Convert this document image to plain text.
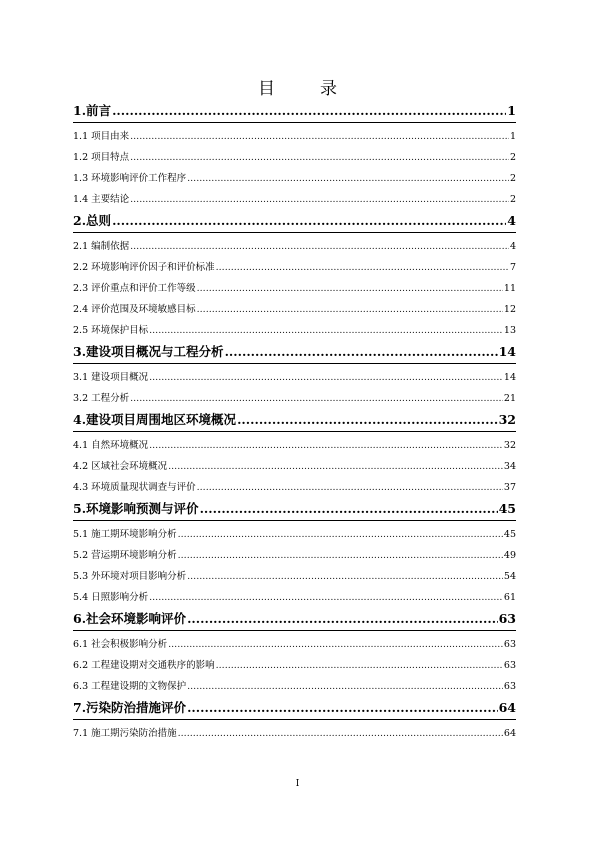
目　录
1.前言 .....	1
1.1 项目由来 .....	1
1.2 项目特点 .....	2
1.3 环境影响评价工作程序 .....	2
1.4 主要结论 .....	2
2.总则 .....	4
2.1 编制依据 .....	4
2.2 环境影响评价因子和评价标准 .....	7
2.3 评价重点和评价工作等级 .....	11
2.4 评价范围及环境敏感目标 .....	12
2.5 环境保护目标 .....	13
3.建设项目概况与工程分析 .....	14
3.1 建设项目概况 .....	14
3.2 工程分析 .....	21
4.建设项目周围地区环境概况 .....	32
4.1 自然环境概况 .....	32
4.2 区域社会环境概况 .....	34
4.3 环境质量现状调查与评价 .....	37
5.环境影响预测与评价 .....	45
5.1 施工期环境影响分析 .....	45
5.2 营运期环境影响分析 .....	49
5.3 外环境对项目影响分析 .....	54
5.4 日照影响分析 .....	61
6.社会环境影响评价 .....	63
6.1 社会积极影响分析 .....	63
6.2 工程建设期对交通秩序的影响 .....	63
6.3 工程建设期的文物保护 .....	63
7.污染防治措施评价 .....	64
7.1 施工期污染防治措施 .....	64
I
